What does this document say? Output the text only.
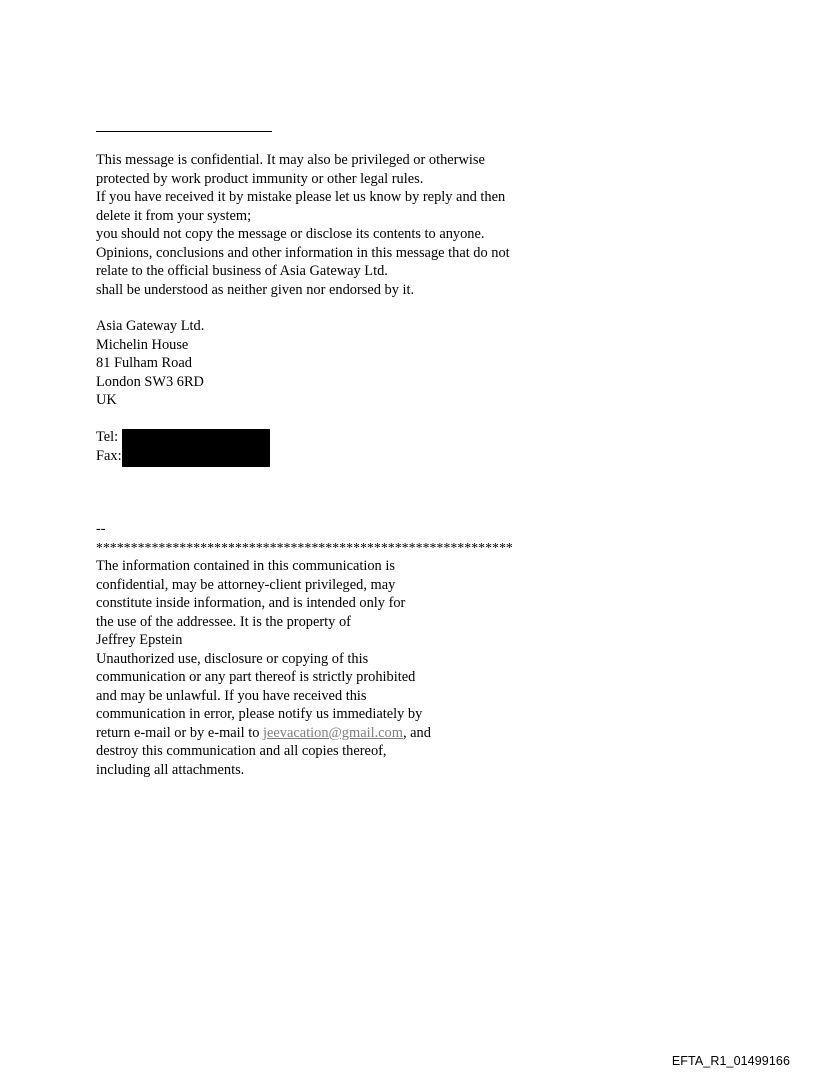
This message is confidential. It may also be privileged or otherwise
protected by work product immunity or other legal rules.
If you have received it by mistake please let us know by reply and then
delete it from your system;
you should not copy the message or disclose its contents to anyone.
Opinions, conclusions and other information in this message that do not
relate to the official business of Asia Gateway Ltd.
shall be understood as neither given nor endorsed by it.
Asia Gateway Ltd.
Michelin House
81 Fulham Road
London SW3 6RD
UK
Tel:
Fax:
--
************************************************************
The information contained in this communication is
confidential, may be attorney-client privileged, may
constitute inside information, and is intended only for
the use of the addressee. It is the property of
Jeffrey Epstein
Unauthorized use, disclosure or copying of this
communication or any part thereof is strictly prohibited
and may be unlawful. If you have received this
communication in error, please notify us immediately by
return e-mail or by e-mail to jeevacation@gmail.com, and
destroy this communication and all copies thereof,
including all attachments.
EFTA_R1_01499166
